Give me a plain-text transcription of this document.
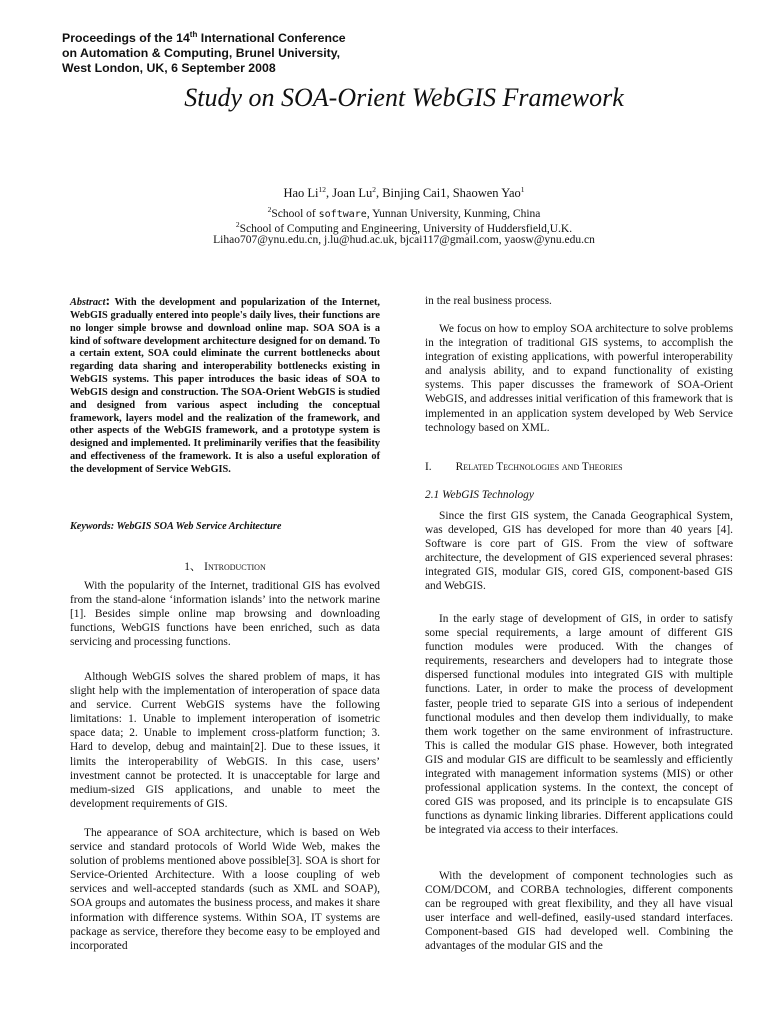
Proceedings of the 14th International Conference
on Automation & Computing, Brunel University,
West London, UK, 6 September 2008
Study on SOA-Orient WebGIS Framework
Hao Li$^{12}$, Joan Lu$^2$, Binjing Cai1, Shaowen Yao$^1$
$^2$School of software, Yunnan University, Kunming, China
$^2$School of Computing and Engineering, University of Huddersfield,U.K.
Lihao707@ynu.edu.cn, j.lu@hud.ac.uk, bjcai117@gmail.com, yaosw@ynu.edu.cn

Abstract: With the development and popularization of the Internet, WebGIS gradually entered into people's daily lives, their functions are no longer simple browse and download online map. SOA SOA is a kind of software development architecture designed for on demand. To a certain extent, SOA could eliminate the current bottlenecks about regarding data sharing and interoperability bottlenecks existing in WebGIS systems. This paper introduces the basic ideas of SOA to WebGIS design and construction. The SOA-Orient WebGIS is studied and designed from various aspect including the conceptual framework, layers model and the realization of the framework, and other aspects of the WebGIS framework, and a prototype system is designed and implemented. It preliminarily verifies that the feasibility and effectiveness of the framework. It is also a useful exploration of the development of Service WebGIS.

Keywords: WebGIS SOA Web Service Architecture

1、 Introduction

With the popularity of the Internet, traditional GIS has evolved from the stand-alone ‘information islands’ into the network marine [1]. Besides simple online map browsing and downloading functions, WebGIS functions have been enriched, such as data servicing and processing functions.

Although WebGIS solves the shared problem of maps, it has slight help with the implementation of interoperation of space data and service. Current WebGIS systems have the following limitations: 1. Unable to implement interoperation of isometric space data; 2. Unable to implement cross-platform function; 3. Hard to develop, debug and maintain[2]. Due to these issues, it limits the interoperability of WebGIS. In this case, users’ investment cannot be protected. It is unacceptable for large and medium-sized GIS applications, and unable to meet the development requirements of GIS.

The appearance of SOA architecture, which is based on Web service and standard protocols of World Wide Web, makes the solution of problems mentioned above possible[3]. SOA is short for Service-Oriented Architecture. With a loose coupling of web services and well-accepted standards (such as XML and SOAP), SOA groups and automates the business process, and makes it share information with difference systems. Within SOA, IT systems are package as service, therefore they become easy to be employed and incorporated

in the real business process.

We focus on how to employ SOA architecture to solve problems in the integration of traditional GIS systems, to accomplish the integration of existing applications, with powerful interoperability and analysis ability, and to expand functionality of existing systems. This paper discusses the framework of SOA-Orient WebGIS, and addresses initial verification of this framework that is implemented in an application system developed by Web Service technology based on XML.

I. Related Technologies and Theories

2.1 WebGIS Technology

Since the first GIS system, the Canada Geographical System, was developed, GIS has developed for more than 40 years [4]. Software is core part of GIS. From the view of software architecture, the development of GIS experienced several phrases: integrated GIS, modular GIS, cored GIS, component-based GIS and WebGIS.

In the early stage of development of GIS, in order to satisfy some special requirements, a large amount of different GIS function modules were produced. With the changes of requirements, researchers and developers had to integrate those dispersed functional modules into integrated GIS with multiple functions. Later, in order to make the process of development faster, people tried to separate GIS into a serious of independent functional modules and then develop them individually, to make them work together on the same environment of infrastructure. This is called the modular GIS phase. However, both integrated GIS and modular GIS are difficult to be seamlessly and efficiently integrated with management information systems (MIS) or other professional application systems. In the context, the concept of cored GIS was proposed, and its principle is to encapsulate GIS functions as dynamic linking libraries. Different applications could be integrated via access to their interfaces.

With the development of component technologies such as COM/DCOM, and CORBA technologies, different components can be regrouped with great flexibility, and they all have visual user interface and well-defined, easily-used standard interfaces. Component-based GIS had developed well. Combining the advantages of the modular GIS and the
